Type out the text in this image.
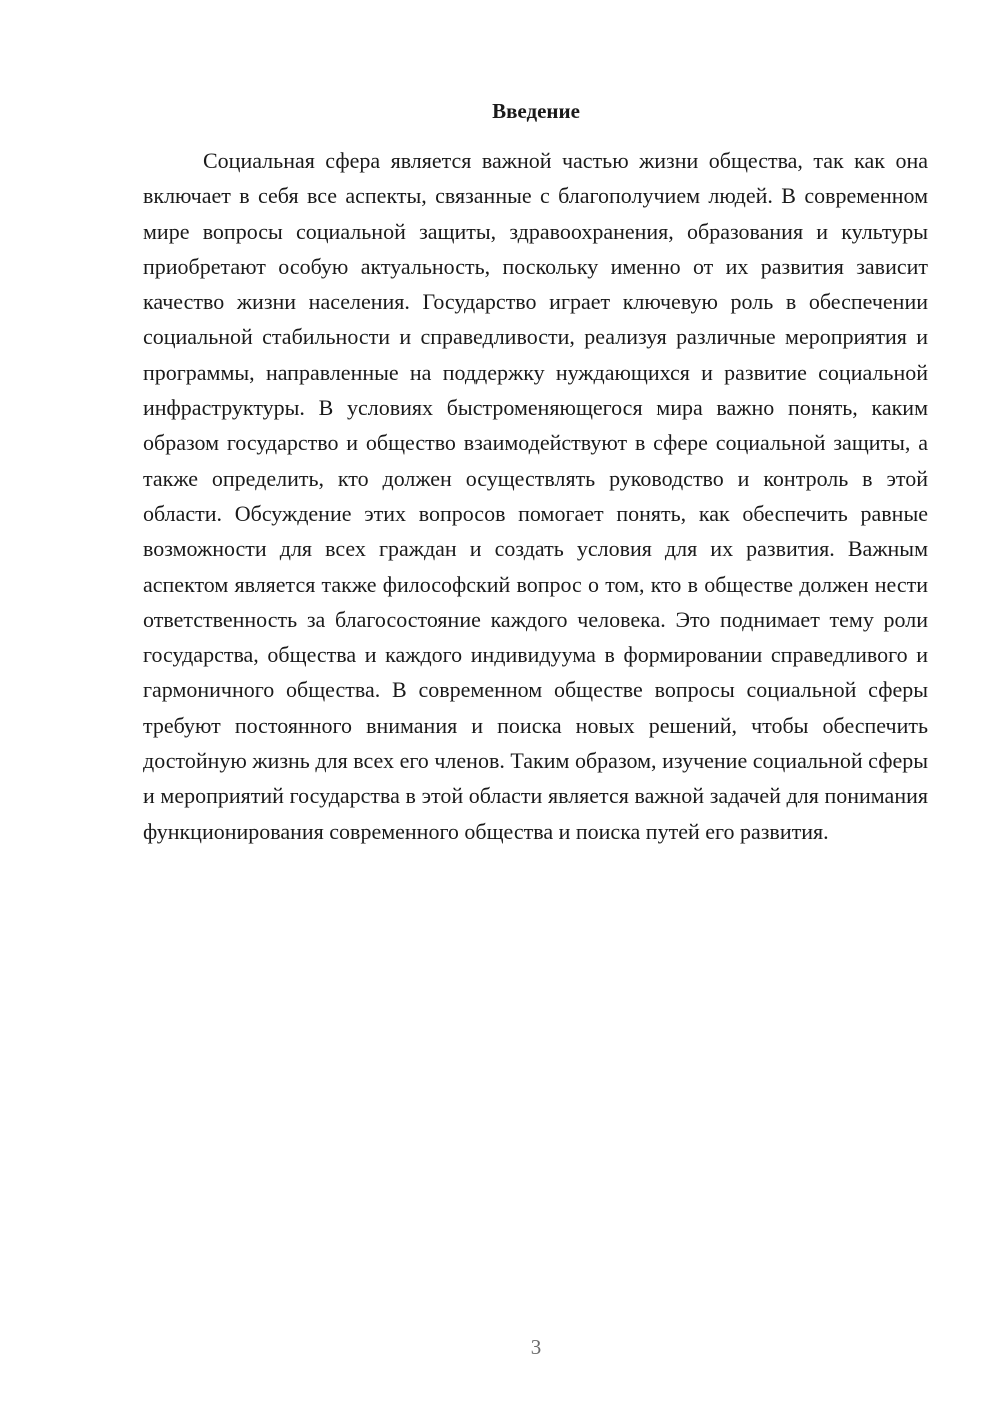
Введение

Социальная сфера является важной частью жизни общества, так как она включает в себя все аспекты, связанные с благополучием людей. В современном мире вопросы социальной защиты, здравоохранения, образования и культуры приобретают особую актуальность, поскольку именно от их развития зависит качество жизни населения. Государство играет ключевую роль в обеспечении социальной стабильности и справедливости, реализуя различные мероприятия и программы, направленные на поддержку нуждающихся и развитие социальной инфраструктуры. В условиях быстроменяющегося мира важно понять, каким образом государство и общество взаимодействуют в сфере социальной защиты, а также определить, кто должен осуществлять руководство и контроль в этой области. Обсуждение этих вопросов помогает понять, как обеспечить равные возможности для всех граждан и создать условия для их развития. Важным аспектом является также философский вопрос о том, кто в обществе должен нести ответственность за благосостояние каждого человека. Это поднимает тему роли государства, общества и каждого индивидуума в формировании справедливого и гармоничного общества. В современном обществе вопросы социальной сферы требуют постоянного внимания и поиска новых решений, чтобы обеспечить достойную жизнь для всех его членов. Таким образом, изучение социальной сферы и мероприятий государства в этой области является важной задачей для понимания функционирования современного общества и поиска путей его развития.

3
